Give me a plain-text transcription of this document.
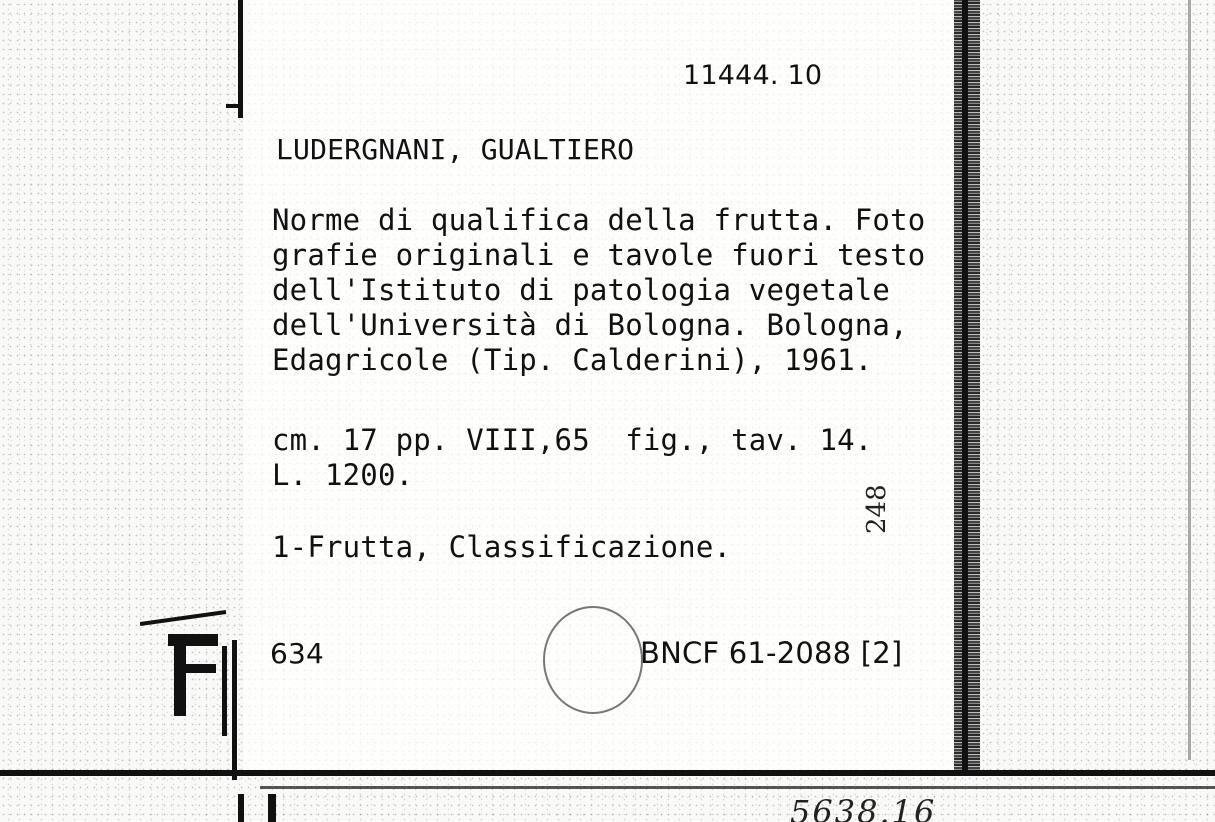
11444. 10
LUDERGNANI, GUALTIERO
Norme di qualifica della frutta. Foto
grafie originali e tavole fuori testo
dell'Istituto di patologia vegetale
dell'Università di Bologna. Bologna,
Edagricole (Tip. Calderini), 1961.
cm. 17 pp. VIII,65  fig., tav. 14.
L. 1200.
248
1-Frutta, Classificazione.
634	BNCF 61-2088 [2]
5638.16
